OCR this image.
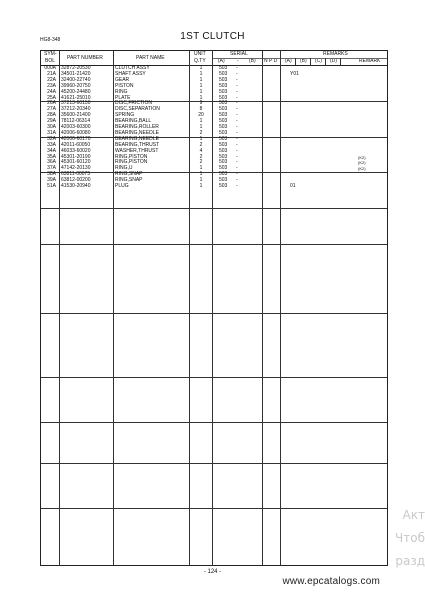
HG8-348	1ST CLUTCH
SYM-
BOL PART NUMBER	PART NAME
UNIT
Q.TY
SERIAL
(A) - (B) N P D
REMARKS
(A) (B) (C) (D)	REMARK
000A 32872-20530	CLUTCH ASSY	1	503 -
21A 34501-21420	SHAFT ASSY	1	503 -	Y01
22A 32400-22740	GEAR	1	503 -
23A 39960-20750	PISTON	1	503 -
24A 45200-24480	RING	1	503 -
25A 41621-25010	PLATE	1	503 -
26A 37213-60150	DISC,FRICTION	9	503 -
27A 37212-20340	DISC,SEPARATION	8	503 -
28A 35600-21400	SPRING	20	503 -
29A 78112-06314	BEARING,BALL	1	503 -
30A 42003-60300	BEARING,ROLLER	1	503 -
31A 42006-60080	BEARING,NEEDLE	2	503 -
32A 42006-60170	BEARING,NEEDLE	1	503 -
33A 42011-60050	BEARING,THRUST	2	503 -
34A 46033-60020	WASHER,THRUST	4	503 -
35A 45301-20190	RING,PISTON	2	503 -	(K2)
36A 45301-60120	RING,PISTON	2	503 -	(K2)
37A 47142-20130	RING,U	1	503 -	(K2)
38A 63811-00075	RING,SNAP	1	503 -
39A 63812-00200	RING,SNAP	1	503 -
51A 41530-20940	PLUG	1	503 -	01
- 124 -
Акт
Чтоб
разд
www.epcatalogs.com
